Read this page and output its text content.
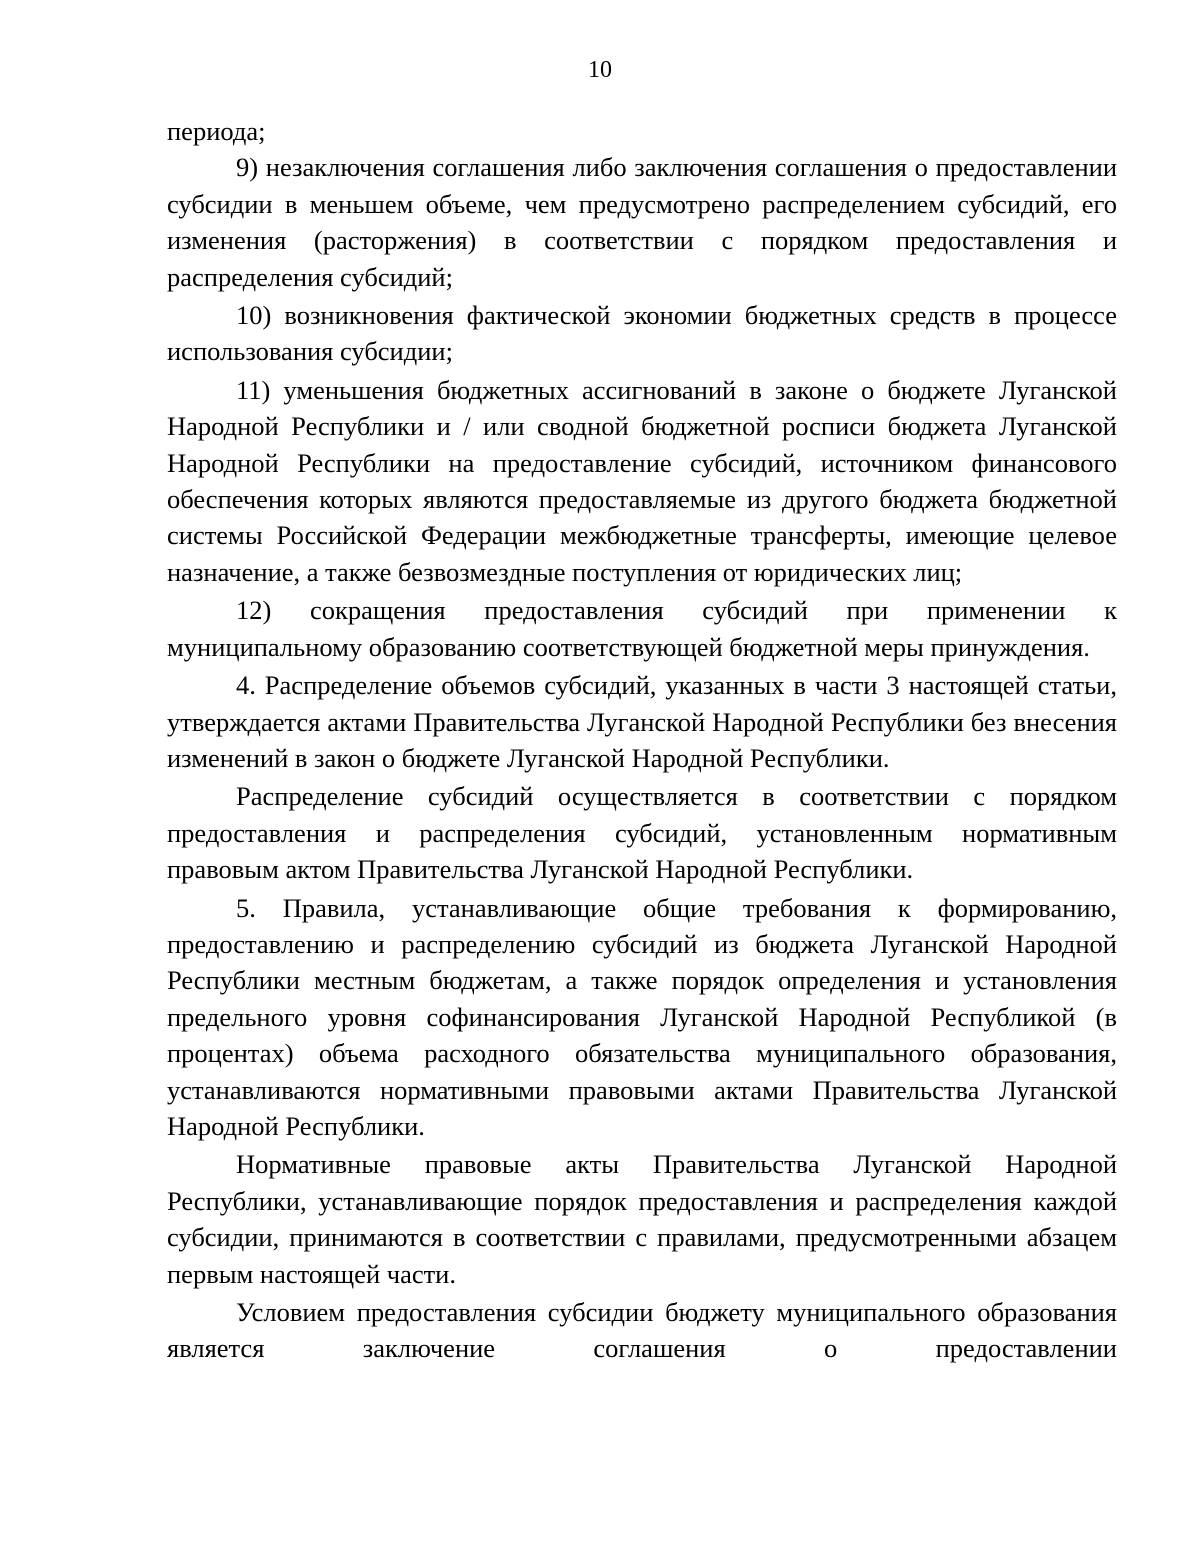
10

периода;

9) незаключения соглашения либо заключения соглашения о предоставлении субсидии в меньшем объеме, чем предусмотрено распределением субсидий, его изменения (расторжения) в соответствии с порядком предоставления и распределения субсидий;

10) возникновения фактической экономии бюджетных средств в процессе использования субсидии;

11) уменьшения бюджетных ассигнований в законе о бюджете Луганской Народной Республики и / или сводной бюджетной росписи бюджета Луганской Народной Республики на предоставление субсидий, источником финансового обеспечения которых являются предоставляемые из другого бюджета бюджетной системы Российской Федерации межбюджетные трансферты, имеющие целевое назначение, а также безвозмездные поступления от юридических лиц;

12) сокращения предоставления субсидий при применении к муниципальному образованию соответствующей бюджетной меры принуждения.

4. Распределение объемов субсидий, указанных в части 3 настоящей статьи, утверждается актами Правительства Луганской Народной Республики без внесения изменений в закон о бюджете Луганской Народной Республики.

Распределение субсидий осуществляется в соответствии с порядком предоставления и распределения субсидий, установленным нормативным правовым актом Правительства Луганской Народной Республики.

5. Правила, устанавливающие общие требования к формированию, предоставлению и распределению субсидий из бюджета Луганской Народной Республики местным бюджетам, а также порядок определения и установления предельного уровня софинансирования Луганской Народной Республикой (в процентах) объема расходного обязательства муниципального образования, устанавливаются нормативными правовыми актами Правительства Луганской Народной Республики.

Нормативные правовые акты Правительства Луганской Народной Республики, устанавливающие порядок предоставления и распределения каждой субсидии, принимаются в соответствии с правилами, предусмотренными абзацем первым настоящей части.

Условием предоставления субсидии бюджету муниципального образования является заключение соглашения о предоставлении
